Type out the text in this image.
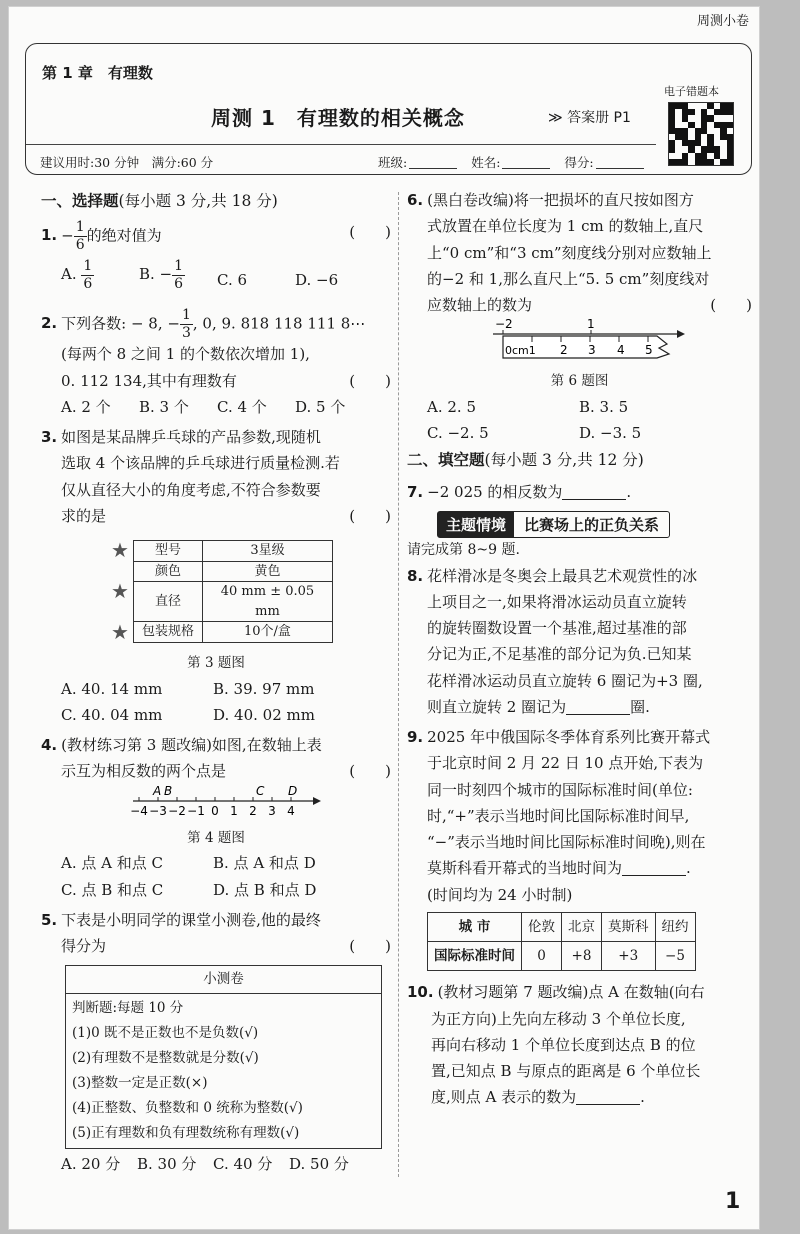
周测小卷
第 1 章　有理数
周测 1　有理数的相关概念	≫ 答案册 P1
建议用时:30 分钟　满分:60 分	班级:	姓名:	得分:
电子错题本
一、选择题(每小题 3 分,共 18 分)
1. − $\frac{1}{6}$ 的绝对值为	(　　)
A. $\frac{1}{6}$	B. − $\frac{1}{6} C$. 6	D. −6
2. 下列各数: − 8, − $\frac{1}{3}$ , 0, 9. 818 118 111 8⋯
(每两个 8 之间 1 的个数依次增加 1),
0. 112 134,其中有理数有	(　　)
A. 2 个	B. 3 个	C. 4 个	D. 5 个
3. 如图是某品牌乒乓球的产品参数,现随机
选取 4 个该品牌的乒乓球进行质量检测.若
仅从直径大小的角度考虑,不符合参数要
求的是	(　　)
★
★
★
型号	3星级
颜色	黄色
直径	40 mm ± 0.05 mm
包装规格	10个/盒
第 3 题图
A. 40. 14 mm	B. 39. 97 mm
C. 40. 04 mm	D. 40. 02 mm
4. (教材练习第 3 题改编)如图,在数轴上表
示互为相反数的两个点是	(　　)
−4 −3 −2 −1 0 1 2 3 4
A B	C D
第 4 题图
A. 点 A 和点 C	B. 点 A 和点 D
C. 点 B 和点 C	D. 点 B 和点 D
5. 下表是小明同学的课堂小测卷,他的最终
得分为	(　　)
小测卷
判断题:每题 10 分
(1)0 既不是正数也不是负数(√)
(2)有理数不是整数就是分数(√)
(3)整数一定是正数(×)
(4)正整数、负整数和 0 统称为整数(√)
(5)正有理数和负有理数统称有理数(√)
A. 20 分	B. 30 分	C. 40 分	D. 50 分
6. (黑白卷改编)将一把损坏的直尺按如图方
式放置在单位长度为 1 cm 的数轴上,直尺
上“0 cm”和“3 cm”刻度线分别对应数轴上
的−2 和 1,那么直尺上“5. 5 cm”刻度线对
应数轴上的数为	(　　)
−2	1
0cm1 2 3 4 5
第 6 题图
A. 2. 5	B. 3. 5
C. −2. 5	D. −3. 5
二、填空题(每小题 3 分,共 12 分)
7. −2 025 的相反数为	.
主题情境	比赛场上的正负关系
请完成第 8~9 题.
8. 花样滑冰是冬奥会上最具艺术观赏性的冰
上项目之一,如果将滑冰运动员直立旋转
的旋转圈数设置一个基准,超过基准的部
分记为正,不足基准的部分记为负.已知某
花样滑冰运动员直立旋转 6 圈记为+3 圈,
则直立旋转 2 圈记为	圈.
9. 2025 年中俄国际冬季体育系列比赛开幕式
于北京时间 2 月 22 日 10 点开始,下表为
同一时刻四个城市的国际标准时间(单位:
时,“+”表示当地时间比国际标准时间早,
“−”表示当地时间比国际标准时间晚),则在
莫斯科看开幕式的当地时间为	.
(时间均为 24 小时制)
城 市	伦敦	北京	莫斯科	纽约
国际标准时间	0	+8	+3	−5
10. (教材习题第 7 题改编)点 A 在数轴(向右
为正方向)上先向左移动 3 个单位长度,
再向右移动 1 个单位长度到达点 B 的位
置,已知点 B 与原点的距离是 6 个单位长
度,则点 A 表示的数为	.
1
